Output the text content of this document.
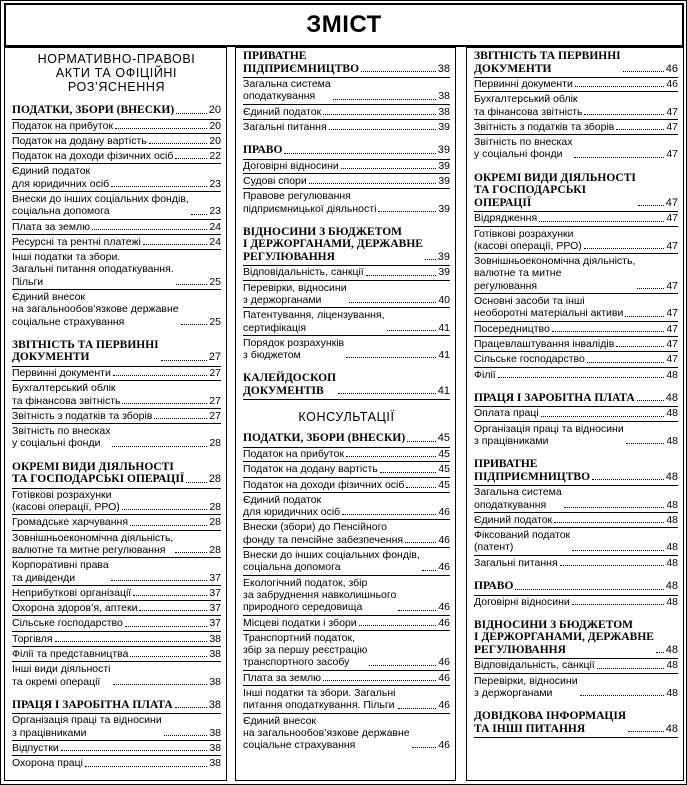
ЗМІСТ
НОРМАТИВНО-ПРАВОВІ
АКТИ ТА ОФІЦІЙНІ
РОЗ’ЯСНЕННЯ
ПОДАТКИ, ЗБОРИ (ВНЕСКИ)	20
Податок на прибуток	20
Податок на додану вартість	20
Податок на доходи фізичних осіб	22
Єдиний податок
для юридичних осіб	23
Внески до інших соціальних фондів,
соціальна допомога	23
Плата за землю	24
Ресурсні та рентні платежі	24
Інші податки та збори.
Загальні питання оподаткування.
Пільги	25
Єдиний внесок
на загальнообов’язкове державне
соціальне страхування	25
ЗВІТНІСТЬ ТА ПЕРВИННІ
ДОКУМЕНТИ	27
Первинні документи	27
Бухгалтерський облік
та фінансова звітність	27
Звітність з податків та зборів	27
Звітність по внесках
у соціальні фонди	28
ОКРЕМІ ВИДИ ДІЯЛЬНОСТІ
ТА ГОСПОДАРСЬКІ ОПЕРАЦІЇ 28
Готівкові розрахунки
(касові операції, РРО)	28
Громадське харчування	28
Зовнішньоекономічна діяльність,
валютне та митне регулювання	28
Корпоративні права
та дивіденди	37
Неприбуткові організації	37
Охорона здоров’я, аптеки	37
Сільське господарство	37
Торгівля	38
Філії та представництва	38
Інші види діяльності
та окремі операції	38
ПРАЦЯ І ЗАРОБІТНА ПЛАТА	38
Організація праці та відносини
з працівниками	38
Відпустки	38
Охорона праці	38
ПРИВАТНЕ
ПІДПРИЄМНИЦТВО	38
Загальна система
оподаткування	38
Єдиний податок	38
Загальні питання	39
ПРАВО	39
Договірні відносини	39
Судові спори	39
Правове регулювання
підприємницької діяльності	39
ВІДНОСИНИ З БЮДЖЕТОМ
І ДЕРЖОРГАНАМИ, ДЕРЖАВНЕ
РЕГУЛЮВАННЯ	39
Відповідальність, санкції	39
Перевірки, відносини
з держорганами	40
Патентування, ліцензування,
сертифікація	41
Порядок розрахунків
з бюджетом	41
КАЛЕЙДОСКОП
ДОКУМЕНТІВ	41
КОНСУЛЬТАЦІЇ
ПОДАТКИ, ЗБОРИ (ВНЕСКИ)	45
Податок на прибуток	45
Податок на додану вартість	45
Податок на доходи фізичних осіб	45
Єдиний податок
для юридичних осіб	46
Внески (збори) до Пенсійного
фонду та пенсійне забезпечення	46
Внески до інших соціальних фондів,
соціальна допомога	46
Екологічний податок, збір
за забруднення навколишнього
природного середовища	46
Місцеві податки і збори	46
Транспортний податок,
збір за першу реєстрацію
транспортного засобу	46
Плата за землю	46
Інші податки та збори. Загальні
питання оподаткування. Пільги	46
Єдиний внесок
на загальнообов’язкове державне
соціальне страхування	46
ЗВІТНІСТЬ ТА ПЕРВИННІ
ДОКУМЕНТИ	46
Первинні документи	46
Бухгалтерський облік
та фінансова звітність	47
Звітність з податків та зборів	47
Звітність по внесках
у соціальні фонди	47
ОКРЕМІ ВИДИ ДІЯЛЬНОСТІ
ТА ГОСПОДАРСЬКІ
ОПЕРАЦІЇ	47
Відрядження	47
Готівкові розрахунки
(касові операції, РРО)	47
Зовнішньоекономічна діяльність,
валютне та митне
регулювання	47
Основні засоби та інші
необоротні матеріальні активи	47
Посередництво	47
Працевлаштування інвалідів	47
Сільське господарство	47
Філії	48
ПРАЦЯ І ЗАРОБІТНА ПЛАТА	48
Оплата праці	48
Організація праці та відносини
з працівниками	48
ПРИВАТНЕ
ПІДПРИЄМНИЦТВО	48
Загальна система
оподаткування	48
Єдиний податок	48
Фіксований податок
(патент)	48
Загальні питання	48
ПРАВО	48
Договірні відносини	48
ВІДНОСИНИ З БЮДЖЕТОМ
І ДЕРЖОРГАНАМИ, ДЕРЖАВНЕ
РЕГУЛЮВАННЯ	48
Відповідальність, санкції	48
Перевірки, відносини
з держорганами	48
ДОВІДКОВА ІНФОРМАЦІЯ
ТА ІНШІ ПИТАННЯ	48
